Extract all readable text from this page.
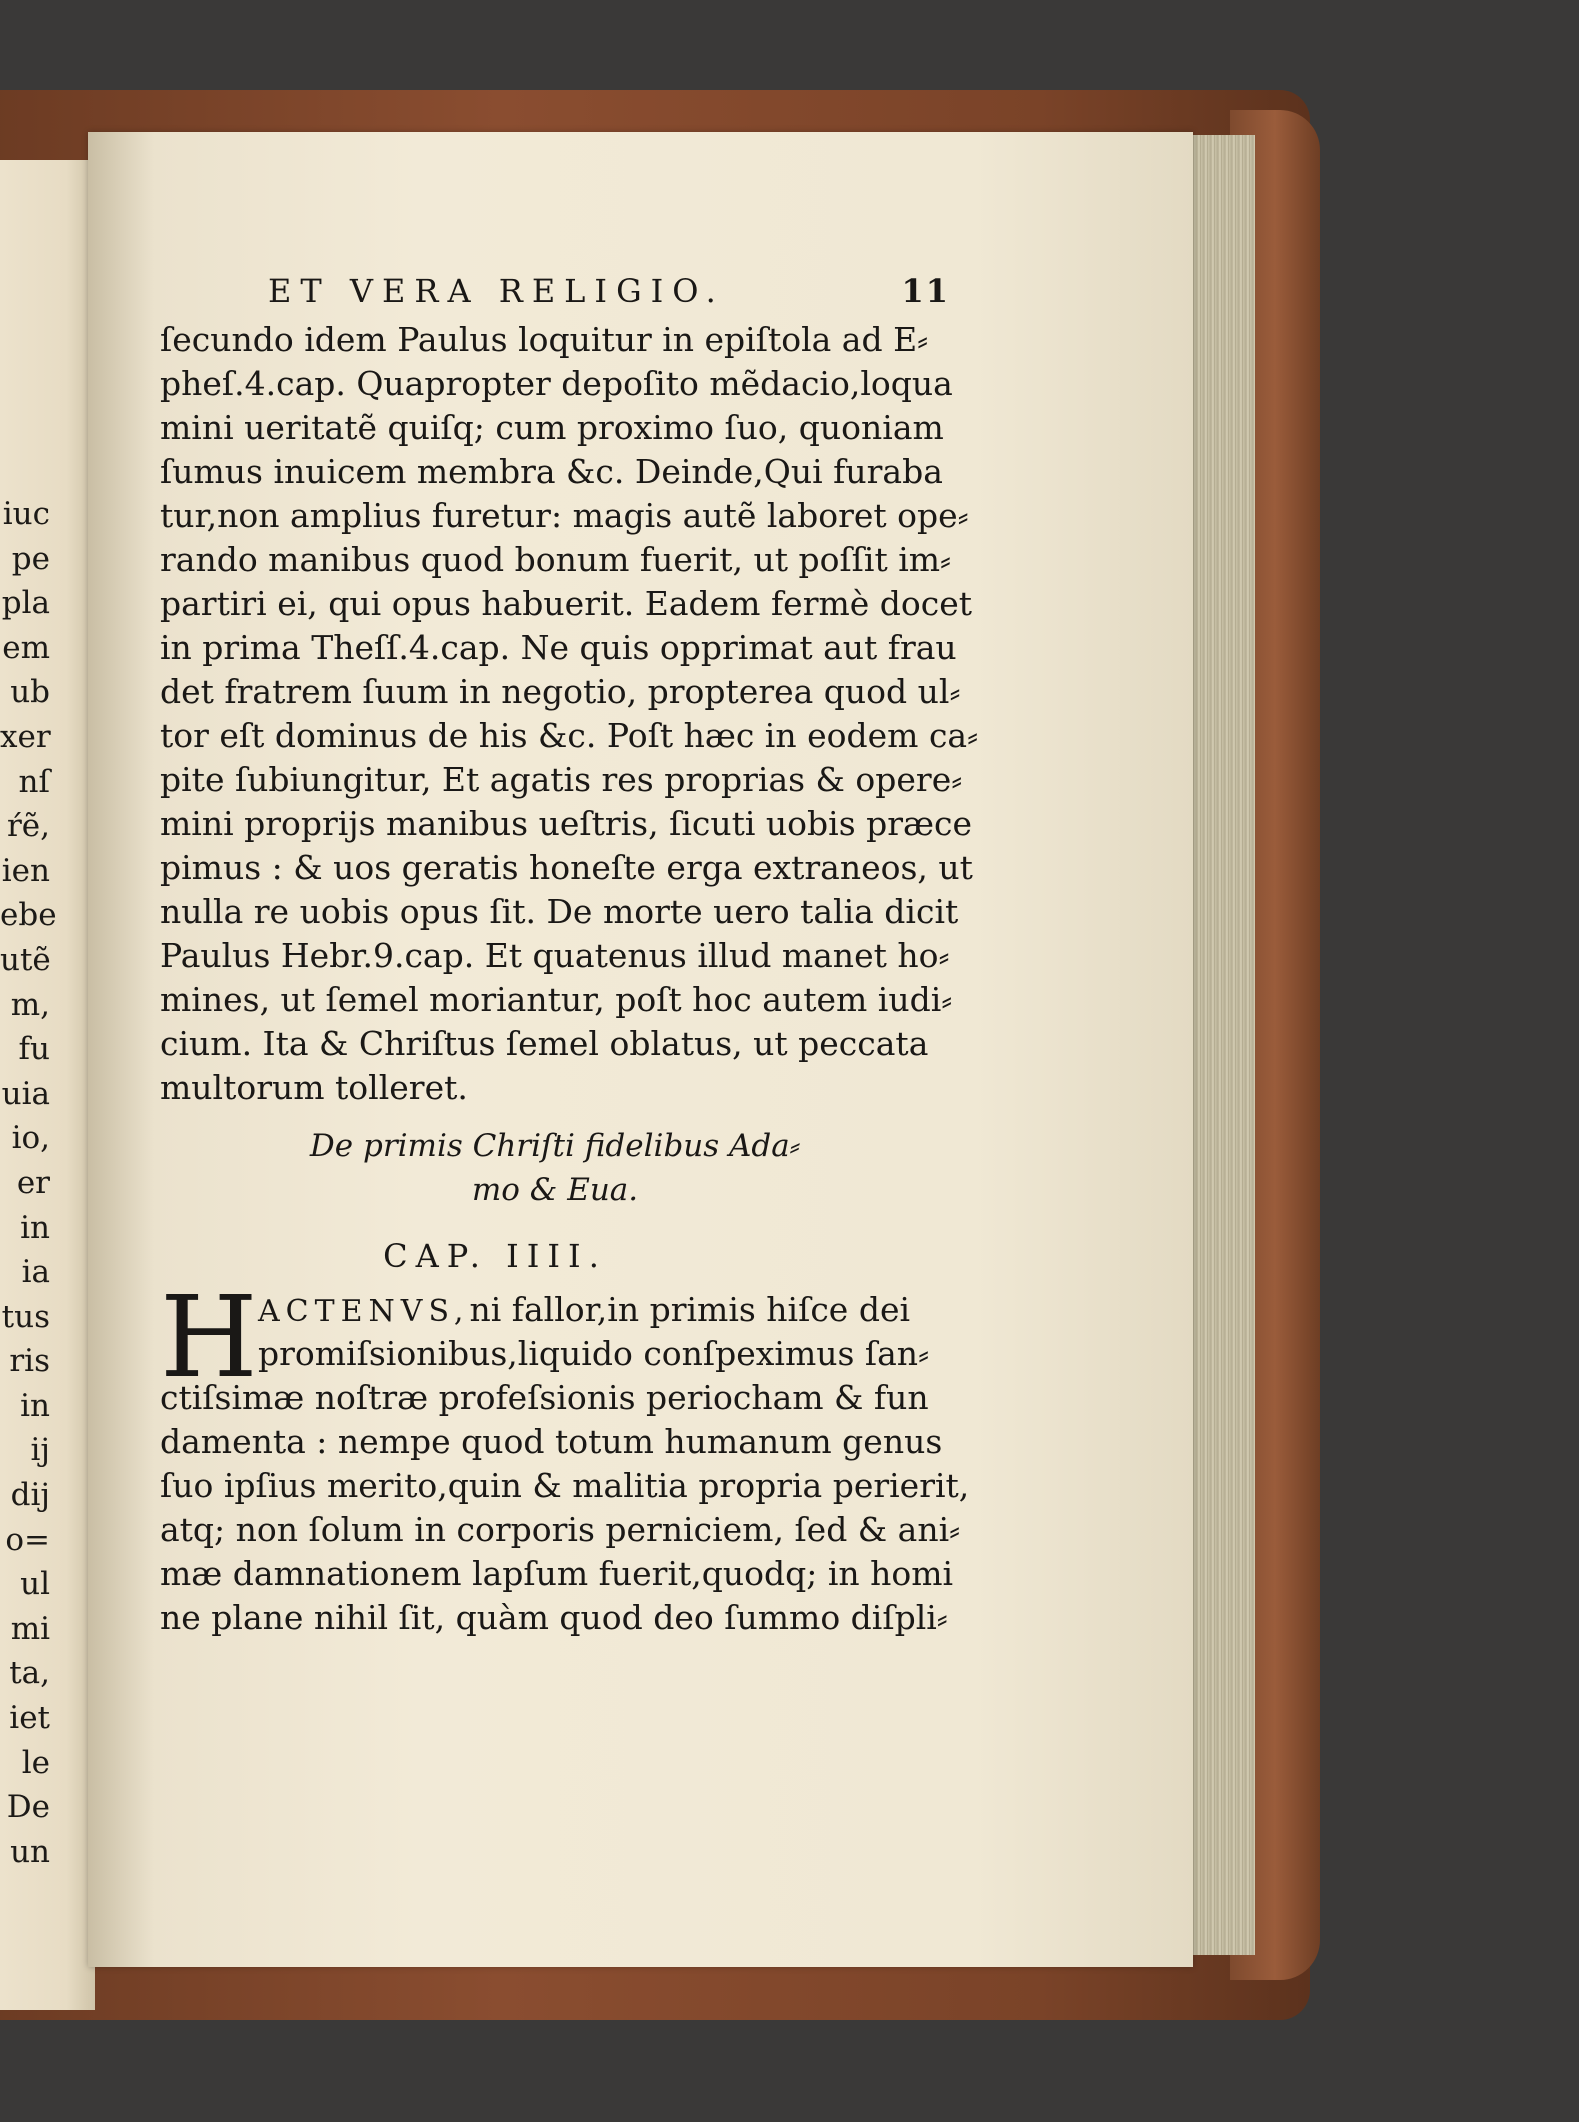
iuc
pe
pla
em
ub
xer
nſ
ŕẽ,
ien
ebe
utẽ
m,
fu
uia
io,
er
in
ia
tus
ris
in
ij
dij
o=
ul
mi
ta,
iet
le
De
un
ET VERA RELIGIO.	11
ſecundo idem Paulus loquitur in epiſtola ad E⸗
pheſ.4.cap. Quapropter depoſito mẽdacio,loqua
mini ueritatẽ quiſq; cum proximo ſuo, quoniam
ſumus inuicem membra &c. Deinde,Qui furaba
tur,non amplius furetur: magis autẽ laboret ope⸗
rando manibus quod bonum fuerit, ut poſſit im⸗
partiri ei, qui opus habuerit. Eadem fermè docet
in prima Theſſ.4.cap. Ne quis opprimat aut frau
det fratrem ſuum in negotio, propterea quod ul⸗
tor eſt dominus de his &c. Poſt hæc in eodem ca⸗
pite ſubiungitur, Et agatis res proprias & opere⸗
mini proprijs manibus ueſtris, ſicuti uobis præce
pimus : & uos geratis honeſte erga extraneos, ut
nulla re uobis opus ſit. De morte uero talia dicit
Paulus Hebr.9.cap. Et quatenus illud manet ho⸗
mines, ut ſemel moriantur, poſt hoc autem iudi⸗
cium. Ita & Chriſtus ſemel oblatus, ut peccata
multorum tolleret.
De primis Chriſti fidelibus Ada⸗
mo & Eua.
CAP. IIII.
H ACTENVS,ni fallor,in primis hiſce dei
promiſsionibus,liquido conſpeximus ſan⸗
ctiſsimæ noſtræ profeſsionis periocham & fun
damenta : nempe quod totum humanum genus
ſuo ipſius merito,quin & malitia propria perierit,
atq; non ſolum in corporis perniciem, ſed & ani⸗
mæ damnationem lapſum fuerit,quodq; in homi
ne plane nihil ſit, quàm quod deo ſummo diſpli⸗
